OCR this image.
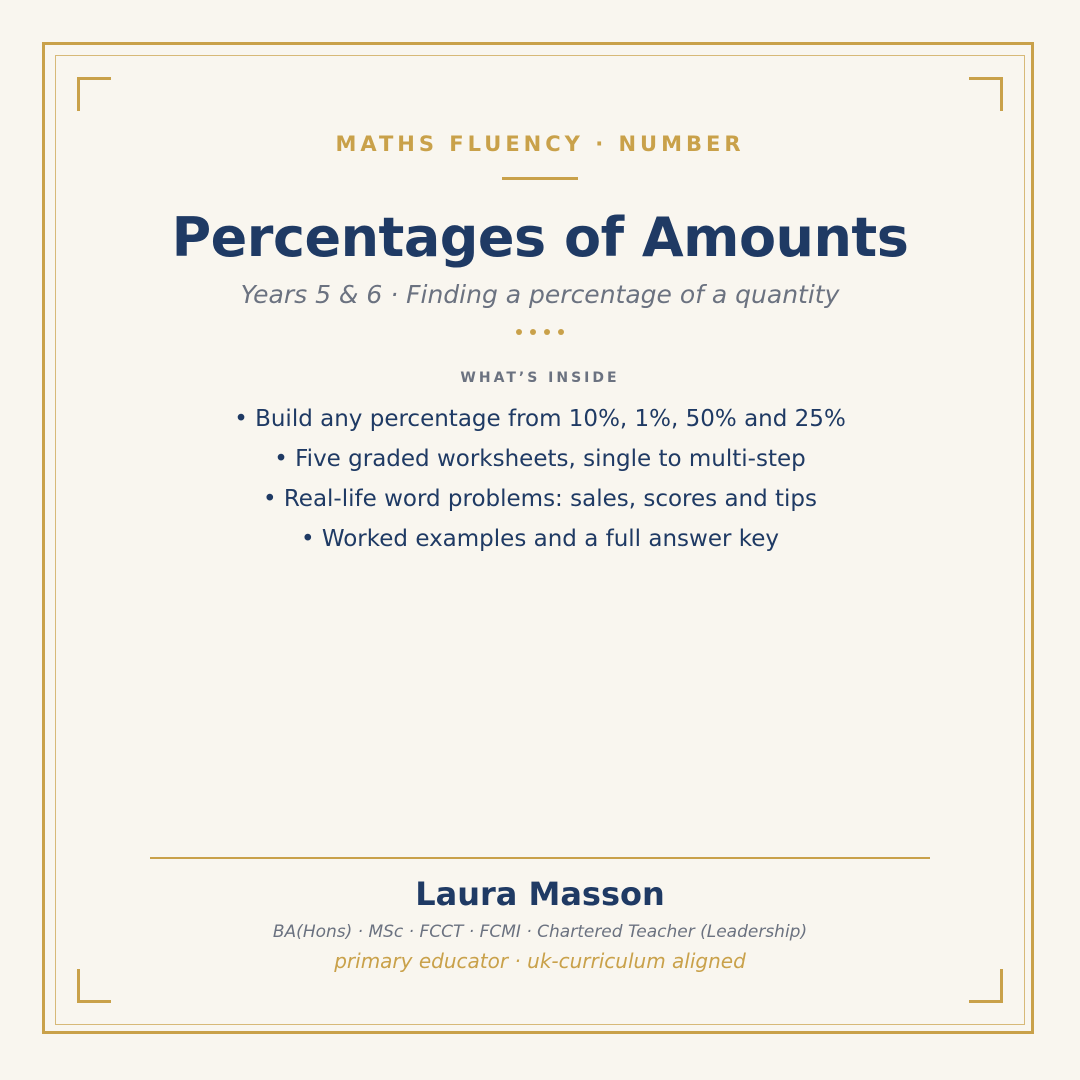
MATHS FLUENCY · NUMBER
Percentages of Amounts
Years 5 & 6 · Finding a percentage of a quantity
WHAT’S INSIDE
• Build any percentage from 10%, 1%, 50% and 25%
• Five graded worksheets, single to multi-step
• Real-life word problems: sales, scores and tips
• Worked examples and a full answer key
Laura Masson
BA(Hons) · MSc · FCCT · FCMI · Chartered Teacher (Leadership)
primary educator · uk-curriculum aligned
